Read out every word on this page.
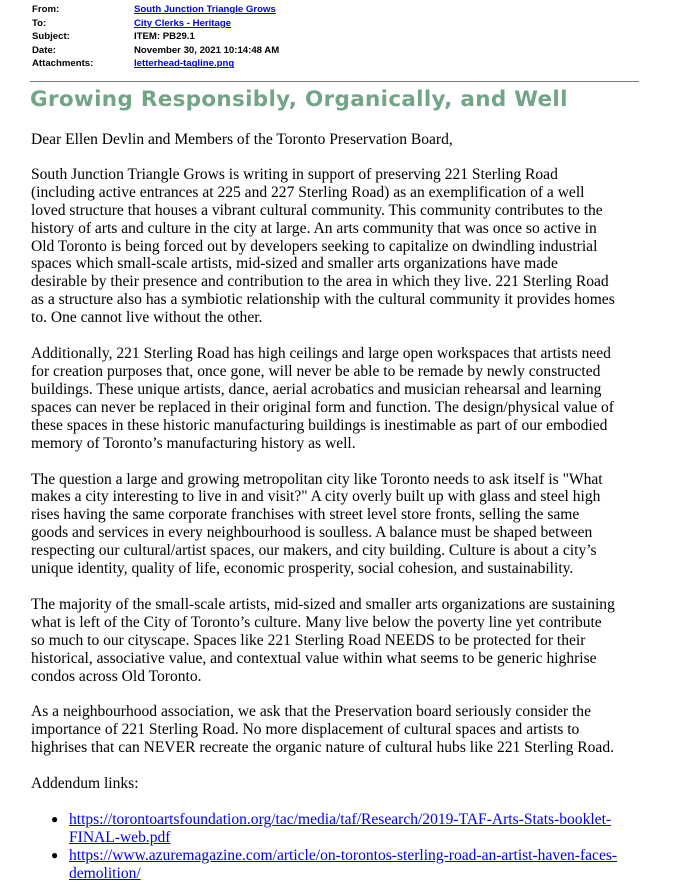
From:	South Junction Triangle Grows
To:	City Clerks - Heritage
Subject:	ITEM: PB29.1
Date:	November 30, 2021 10:14:48 AM
Attachments:	letterhead-tagline.png
Growing Responsibly, Organically, and Well

Dear Ellen Devlin and Members of the Toronto Preservation Board,

South Junction Triangle Grows is writing in support of preserving 221 Sterling Road
(including active entrances at 225 and 227 Sterling Road) as an exemplification of a well
loved structure that houses a vibrant cultural community. This community contributes to the
history of arts and culture in the city at large. An arts community that was once so active in
Old Toronto is being forced out by developers seeking to capitalize on dwindling industrial
spaces which small-scale artists, mid-sized and smaller arts organizations have made
desirable by their presence and contribution to the area in which they live. 221 Sterling Road
as a structure also has a symbiotic relationship with the cultural community it provides homes
to. One cannot live without the other.

Additionally, 221 Sterling Road has high ceilings and large open workspaces that artists need
for creation purposes that, once gone, will never be able to be remade by newly constructed
buildings. These unique artists, dance, aerial acrobatics and musician rehearsal and learning
spaces can never be replaced in their original form and function. The design/physical value of
these spaces in these historic manufacturing buildings is inestimable as part of our embodied
memory of Toronto’s manufacturing history as well.

The question a large and growing metropolitan city like Toronto needs to ask itself is "What
makes a city interesting to live in and visit?" A city overly built up with glass and steel high
rises having the same corporate franchises with street level store fronts, selling the same
goods and services in every neighbourhood is soulless. A balance must be shaped between
respecting our cultural/artist spaces, our makers, and city building. Culture is about a city’s
unique identity, quality of life, economic prosperity, social cohesion, and sustainability.

The majority of the small-scale artists, mid-sized and smaller arts organizations are sustaining
what is left of the City of Toronto’s culture. Many live below the poverty line yet contribute
so much to our cityscape. Spaces like 221 Sterling Road NEEDS to be protected for their
historical, associative value, and contextual value within what seems to be generic highrise
condos across Old Toronto.

As a neighbourhood association, we ask that the Preservation board seriously consider the
importance of 221 Sterling Road. No more displacement of cultural spaces and artists to
highrises that can NEVER recreate the organic nature of cultural hubs like 221 Sterling Road.

Addendum links:

● https://torontoartsfoundation.org/tac/media/taf/Research/2019-TAF-Arts-Stats-booklet-
FINAL-web.pdf
● https://www.azuremagazine.com/article/on-torontos-sterling-road-an-artist-haven-faces-
demolition/
